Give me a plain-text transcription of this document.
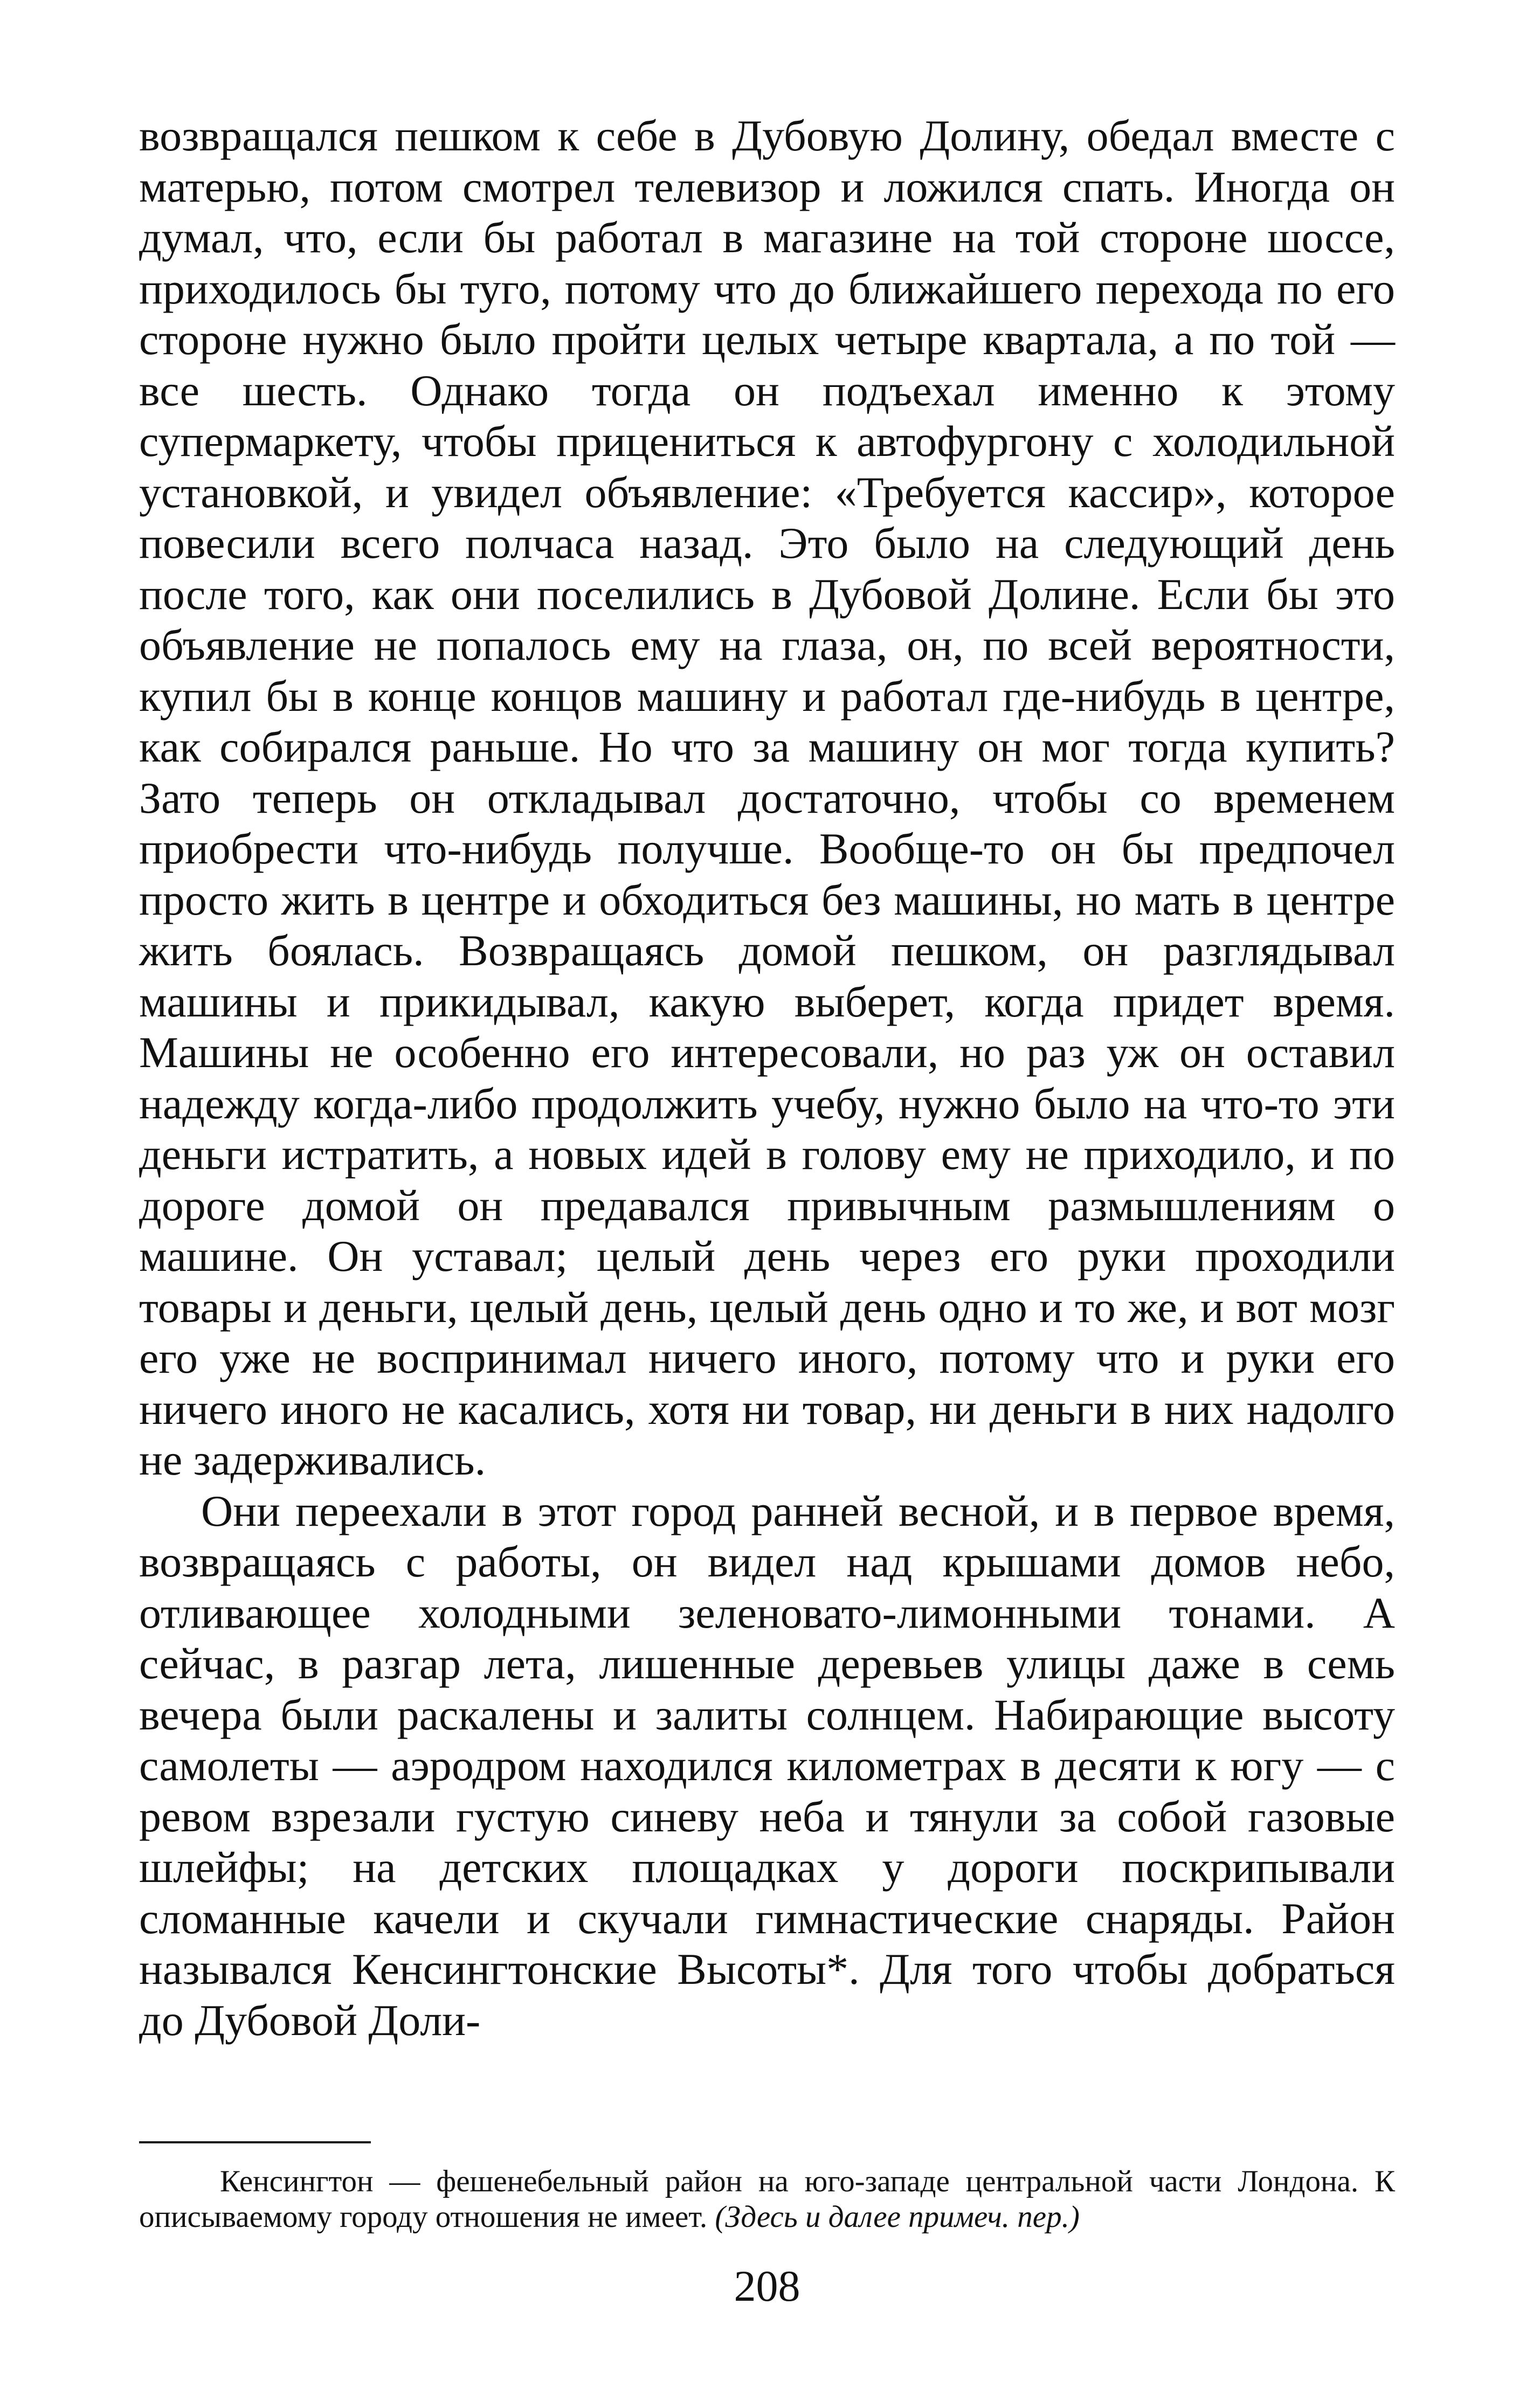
возвращался пешком к себе в Дубовую Долину, обедал вместе с матерью, потом смотрел телевизор и ложился спать. Иногда он думал, что, если бы работал в магазине на той стороне шоссе, приходилось бы туго, потому что до ближайшего перехода по его стороне нужно было пройти целых четыре квартала, а по той — все шесть. Однако тогда он подъехал именно к этому супермаркету, чтобы прицениться к автофургону с холодильной установкой, и увидел объявление: «Требуется кассир», которое повесили всего полчаса назад. Это было на следующий день после того, как они поселились в Дубовой Долине. Если бы это объявление не попалось ему на глаза, он, по всей вероятности, купил бы в конце концов машину и работал где-нибудь в центре, как собирался раньше. Но что за машину он мог тогда купить? Зато теперь он откладывал достаточно, чтобы со временем приобрести что-нибудь получше. Вообще-то он бы предпочел просто жить в центре и обходиться без машины, но мать в центре жить боялась. Возвращаясь домой пешком, он разглядывал машины и прикидывал, какую выберет, когда придет время. Машины не особенно его интересовали, но раз уж он оставил надежду когда-либо продолжить учебу, нужно было на что-то эти деньги истратить, а новых идей в голову ему не приходило, и по дороге домой он предавался привычным размышлениям о машине. Он уставал; целый день через его руки проходили товары и деньги, целый день, целый день одно и то же, и вот мозг его уже не воспринимал ничего иного, потому что и руки его ничего иного не касались, хотя ни товар, ни деньги в них надолго не задерживались.

Они переехали в этот город ранней весной, и в первое время, возвращаясь с работы, он видел над крышами домов небо, отливающее холодными зеленовато-лимонными тонами. А сейчас, в разгар лета, лишенные деревьев улицы даже в семь вечера были раскалены и залиты солнцем. Набирающие высоту самолеты — аэродром находился километрах в десяти к югу — с ревом взрезали густую синеву неба и тянули за собой газовые шлейфы; на детских площадках у дороги поскрипывали сломанные качели и скучали гимнастические снаряды. Район назывался Кенсингтонские Высоты*. Для того чтобы добраться до Дубовой Доли-

Кенсингтон — фешенебельный район на юго-западе центральной части Лондона. К описываемому городу отношения не имеет. (Здесь и далее примеч. пер.)
208
